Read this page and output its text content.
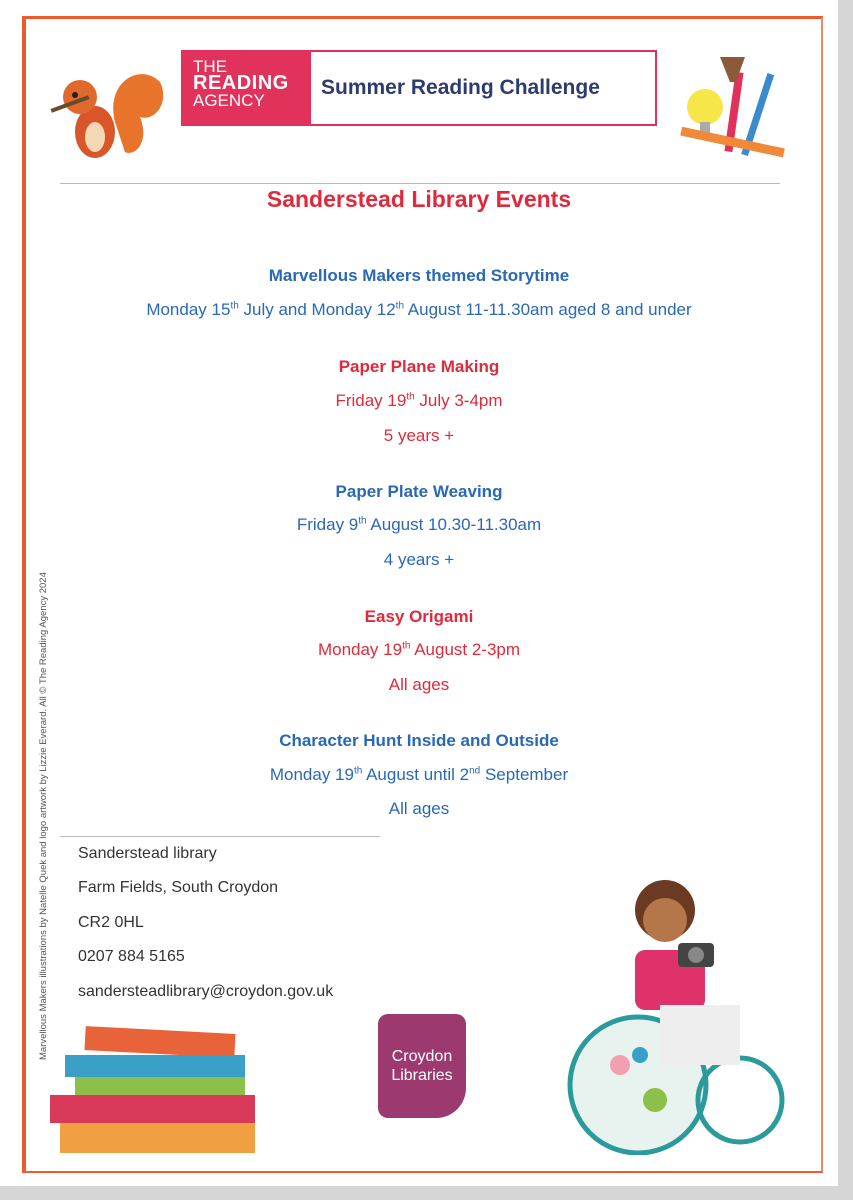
THE
READING
AGENCY
Summer Reading Challenge
Sanderstead Library Events
Marvellous Makers themed Storytime
Monday 15th July and Monday 12th August 11-11.30am aged 8 and under
Paper Plane Making
Friday 19th July 3-4pm
5 years +
Paper Plate Weaving
Friday 9th August 10.30-11.30am
4 years +
Easy Origami
Monday 19th August 2-3pm
All ages
Character Hunt Inside and Outside
Monday 19th August until 2nd September
All ages
Marvellous Makers illustrations by Natelle Quek and logo artwork by Lizzie Everard. All © The Reading Agency 2024 Sanderstead library
Farm Fields, South Croydon
CR2 0HL
0207 884 5165
sandersteadlibrary@croydon.gov.uk
Croydon
Libraries
